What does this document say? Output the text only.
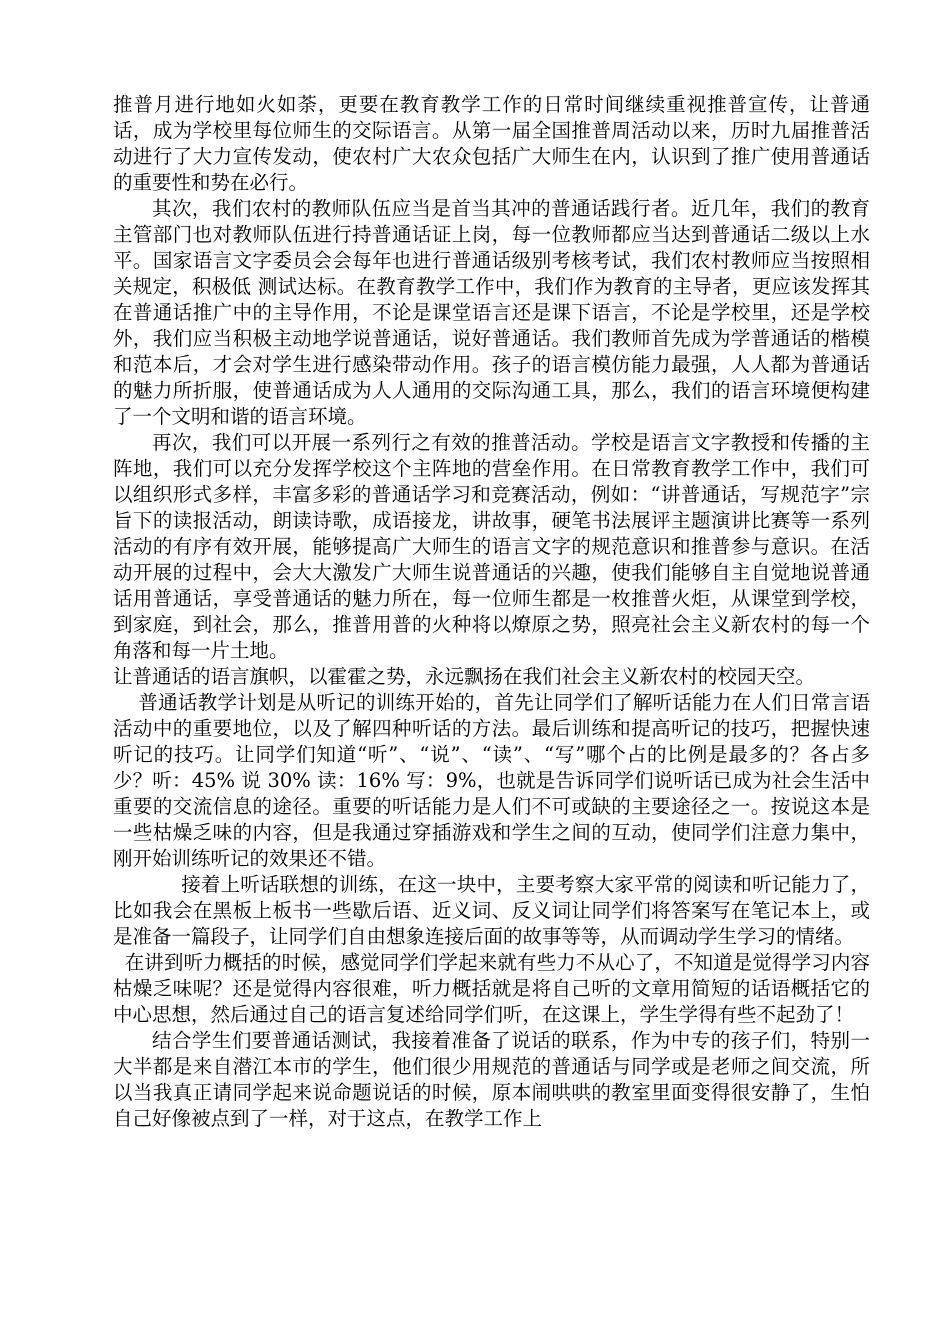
推普月进行地如火如荼，更要在教育教学工作的日常时间继续重视推普宣传，让普通话，成为学校里每位师生的交际语言。从第一届全国推普周活动以来，历时九届推普活动进行了大力宣传发动，使农村广大农众包括广大师生在内，认识到了推广使用普通话的重要性和势在必行。

其次，我们农村的教师队伍应当是首当其冲的普通话践行者。近几年，我们的教育主管部门也对教师队伍进行持普通话证上岗，每一位教师都应当达到普通话二级以上水平。国家语言文字委员会会每年也进行普通话级别考核考试，我们农村教师应当按照相关规定，积极低 测试达标。在教育教学工作中，我们作为教育的主导者，更应该发挥其在普通话推广中的主导作用，不论是课堂语言还是课下语言，不论是学校里，还是学校外，我们应当积极主动地学说普通话，说好普通话。我们教师首先成为学普通话的楷模和范本后，才会对学生进行感染带动作用。孩子的语言模仿能力最强，人人都为普通话的魅力所折服，使普通话成为人人通用的交际沟通工具，那么，我们的语言环境便构建了一个文明和谐的语言环境。

再次，我们可以开展一系列行之有效的推普活动。学校是语言文字教授和传播的主阵地，我们可以充分发挥学校这个主阵地的营垒作用。在日常教育教学工作中，我们可以组织形式多样，丰富多彩的普通话学习和竞赛活动，例如：“讲普通话，写规范字”宗旨下的读报活动，朗读诗歌，成语接龙，讲故事，硬笔书法展评主题演讲比赛等一系列活动的有序有效开展，能够提高广大师生的语言文字的规范意识和推普参与意识。在活动开展的过程中，会大大激发广大师生说普通话的兴趣，使我们能够自主自觉地说普通话用普通话，享受普通话的魅力所在，每一位师生都是一枚推普火炬，从课堂到学校，到家庭，到社会，那么，推普用普的火种将以燎原之势，照亮社会主义新农村的每一个角落和每一片土地。

让普通话的语言旗帜，以霍霍之势，永远飘扬在我们社会主义新农村的校园天空。

普通话教学计划是从听记的训练开始的，首先让同学们了解听话能力在人们日常言语活动中的重要地位，以及了解四种听话的方法。最后训练和提高听记的技巧，把握快速听记的技巧。让同学们知道“听”、“说”、“读”、“写”哪个占的比例是最多的？各占多少？听：45% 说 30% 读：16% 写：9%，也就是告诉同学们说听话已成为社会生活中重要的交流信息的途径。重要的听话能力是人们不可或缺的主要途径之一。按说这本是一些枯燥乏味的内容，但是我通过穿插游戏和学生之间的互动，使同学们注意力集中，刚开始训练听记的效果还不错。

接着上听话联想的训练，在这一块中，主要考察大家平常的阅读和听记能力了，比如我会在黑板上板书一些歇后语、近义词、反义词让同学们将答案写在笔记本上，或是准备一篇段子，让同学们自由想象连接后面的故事等等，从而调动学生学习的情绪。

在讲到听力概括的时候，感觉同学们学起来就有些力不从心了，不知道是觉得学习内容枯燥乏味呢？还是觉得内容很难，听力概括就是将自己听的文章用简短的话语概括它的中心思想，然后通过自己的语言复述给同学们听，在这课上，学生学得有些不起劲了！

结合学生们要普通话测试，我接着准备了说话的联系，作为中专的孩子们，特别一大半都是来自潜江本市的学生，他们很少用规范的普通话与同学或是老师之间交流，所以当我真正请同学起来说命题说话的时候，原本闹哄哄的教室里面变得很安静了，生怕自己好像被点到了一样，对于这点，在教学工作上
